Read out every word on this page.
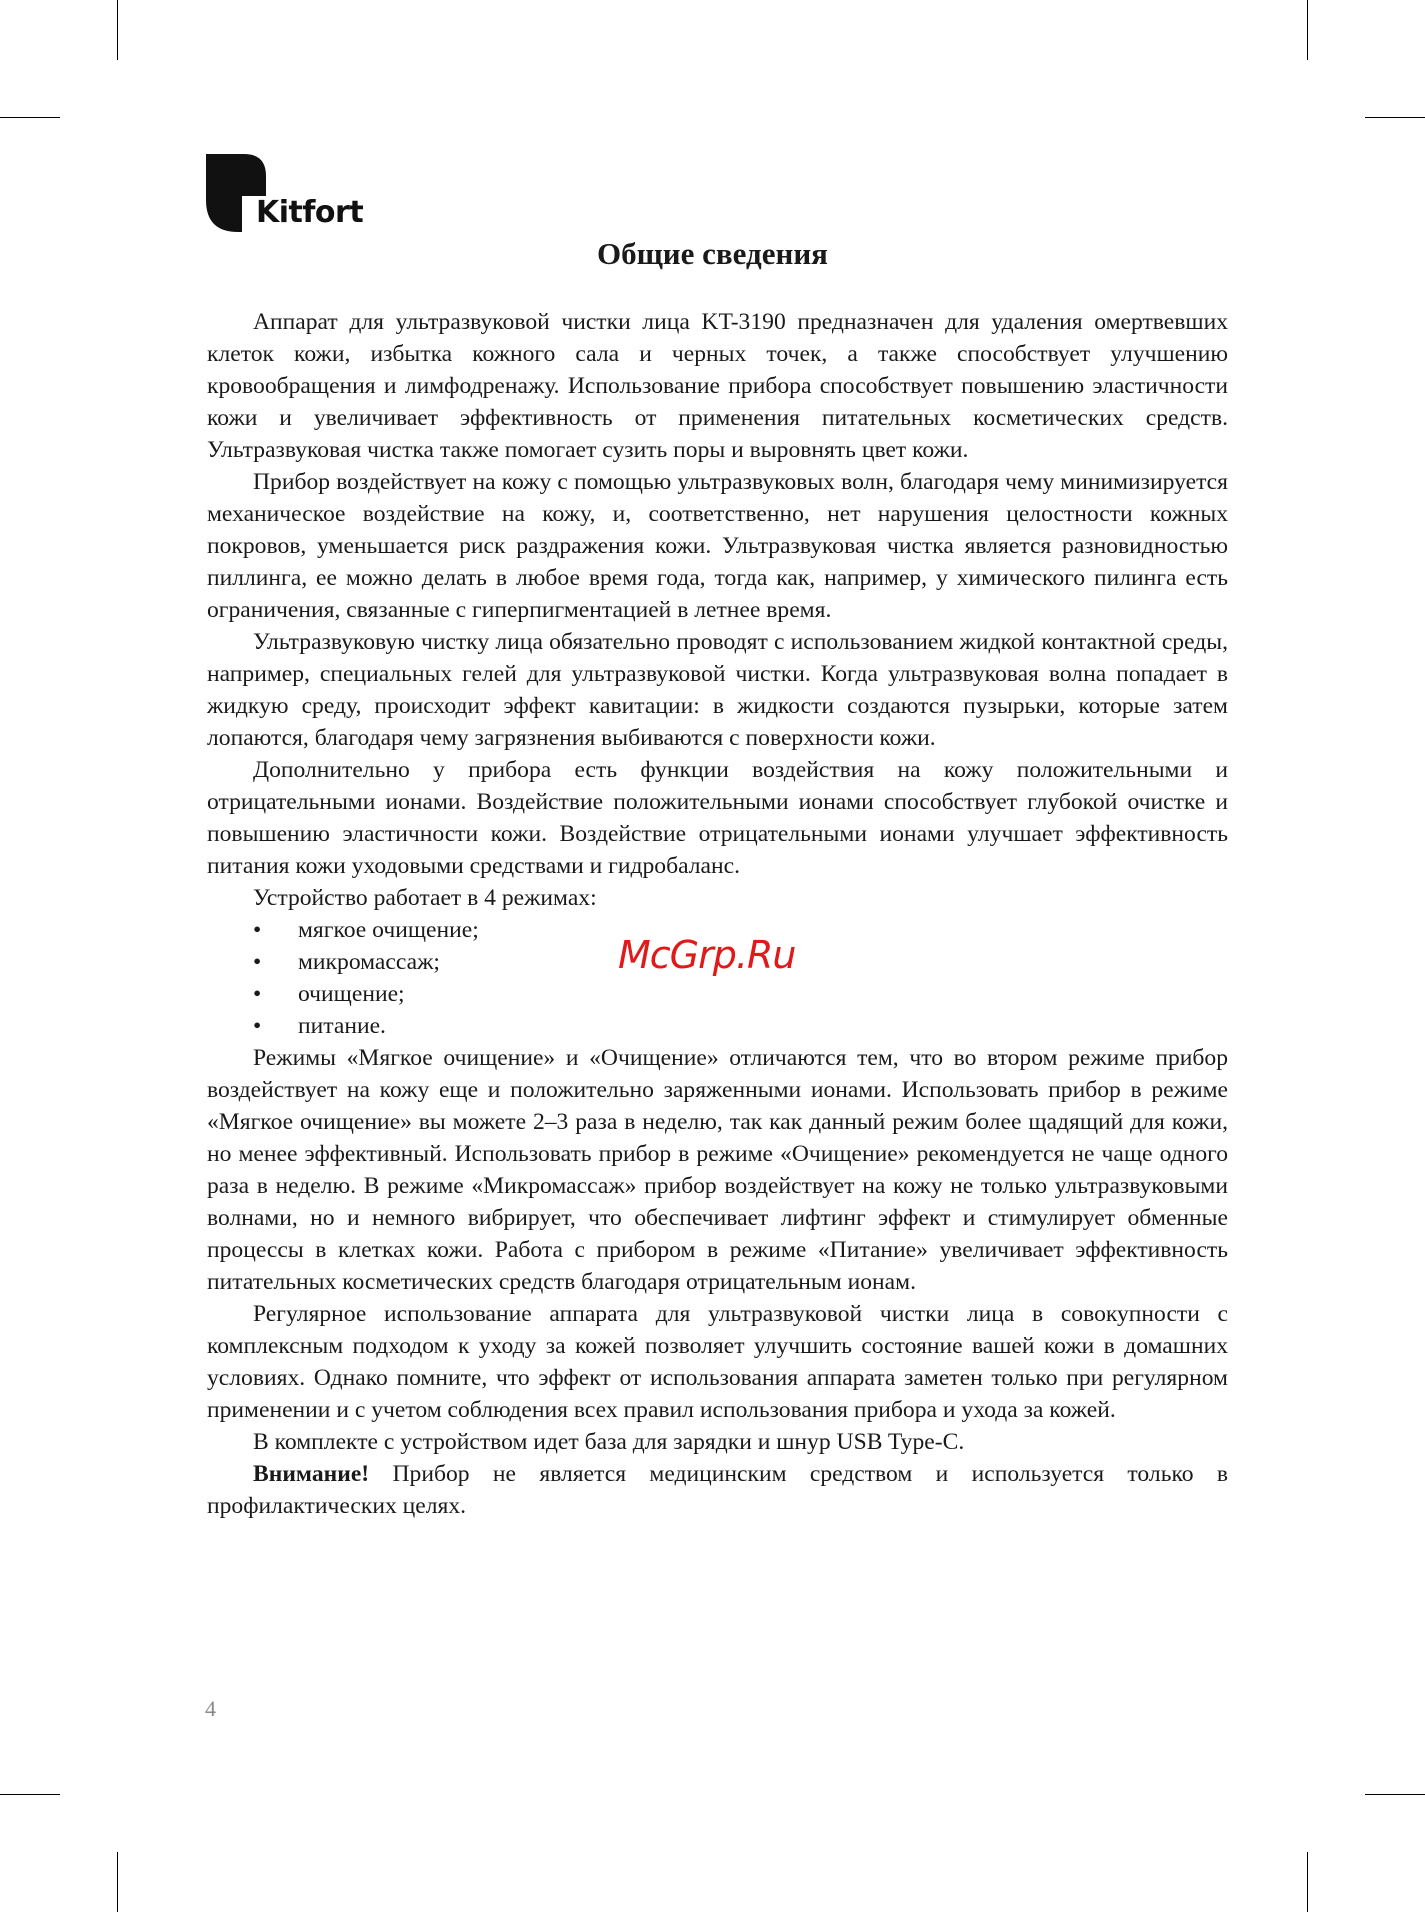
Kitfort
Общие сведения

Аппарат для ультразвуковой чистки лица KT-3190 предназначен для удаления омертвевших клеток кожи, избытка кожного сала и черных точек, а также способствует улучшению кровообращения и лимфодренажу. Использование прибора способствует повышению эластичности кожи и увеличивает эффективность от применения питательных косметических средств. Ультразвуковая чистка также помогает сузить поры и выровнять цвет кожи.

Прибор воздействует на кожу с помощью ультразвуковых волн, благодаря чему минимизируется механическое воздействие на кожу, и, соответственно, нет нарушения целостности кожных покровов, уменьшается риск раздражения кожи. Ультразвуковая чистка является разновидностью пиллинга, ее можно делать в любое время года, тогда как, например, у химического пилинга есть ограничения, связанные с гиперпигментацией в летнее время.

Ультразвуковую чистку лица обязательно проводят с использованием жидкой контактной среды, например, специальных гелей для ультразвуковой чистки. Когда ультразвуковая волна попадает в жидкую среду, происходит эффект кавитации: в жидкости создаются пузырьки, которые затем лопаются, благодаря чему загрязнения выбиваются с поверхности кожи.

Дополнительно у прибора есть функции воздействия на кожу положительными и отрицательными ионами. Воздействие положительными ионами способствует глубокой очистке и повышению эластичности кожи. Воздействие отрицательными ионами улучшает эффективность питания кожи уходовыми средствами и гидробаланс.

Устройство работает в 4 режимах:

• мягкое очищение;
• микромассаж;
• очищение;
• питание.

Режимы «Мягкое очищение» и «Очищение» отличаются тем, что во втором режиме прибор воздействует на кожу еще и положительно заряженными ионами. Использовать прибор в режиме «Мягкое очищение» вы можете 2–3 раза в неделю, так как данный режим более щадящий для кожи, но менее эффективный. Использовать прибор в режиме «Очищение» рекомендуется не чаще одного раза в неделю. В режиме «Микромассаж» прибор воздействует на кожу не только ультразвуковыми волнами, но и немного вибрирует, что обеспечивает лифтинг эффект и стимулирует обменные процессы в клетках кожи. Работа с прибором в режиме «Питание» увеличивает эффективность питательных косметических средств благодаря отрицательным ионам.

Регулярное использование аппарата для ультразвуковой чистки лица в совокупности с комплексным подходом к уходу за кожей позволяет улучшить состояние вашей кожи в домашних условиях. Однако помните, что эффект от использования аппарата заметен только при регулярном применении и с учетом соблюдения всех правил использования прибора и ухода за кожей.

В комплекте с устройством идет база для зарядки и шнур USB Type-C.

Внимание! Прибор не является медицинским средством и используется только в профилактических целях.

McGrp.Ru
4
